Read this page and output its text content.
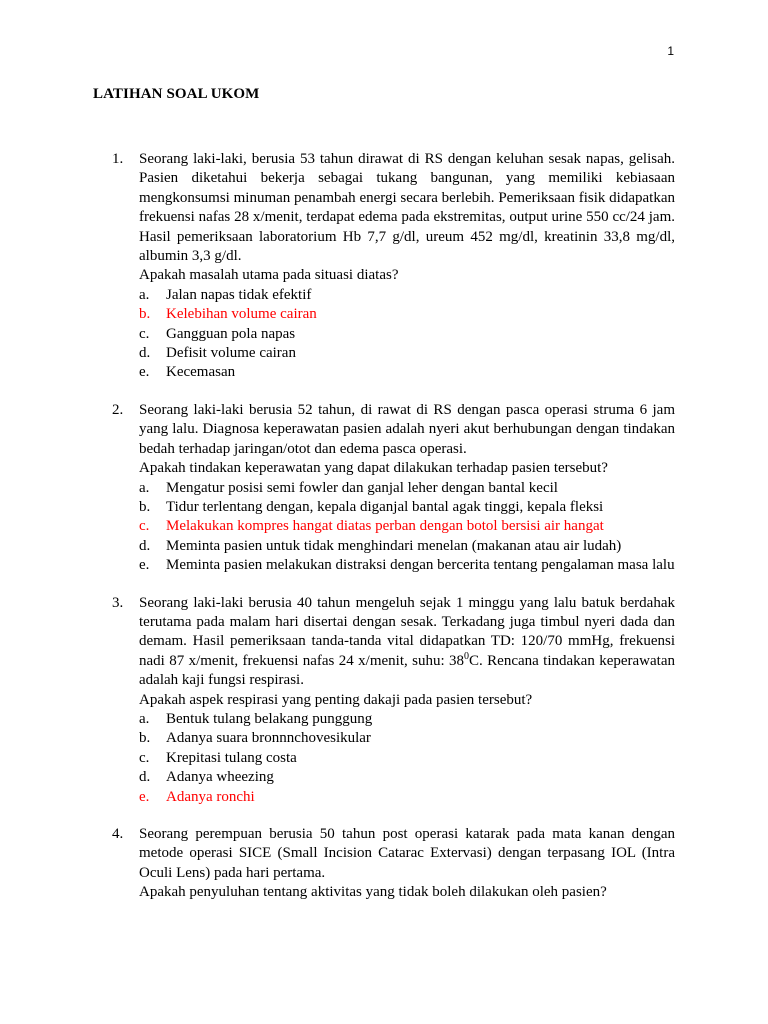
1
LATIHAN SOAL UKOM
1. Seorang laki-laki, berusia 53 tahun dirawat di RS dengan keluhan sesak napas, gelisah. Pasien diketahui bekerja sebagai tukang bangunan, yang memiliki kebiasaan mengkonsumsi minuman penambah energi secara berlebih. Pemeriksaan fisik didapatkan frekuensi nafas 28 x/menit, terdapat edema pada ekstremitas, output urine 550 cc/24 jam. Hasil pemeriksaan laboratorium Hb 7,7 g/dl, ureum 452 mg/dl, kreatinin 33,8 mg/dl, albumin 3,3 g/dl.

Apakah masalah utama pada situasi diatas?

a. Jalan napas tidak efektif
b. Kelebihan volume cairan
c. Gangguan pola napas
d. Defisit volume cairan
e. Kecemasan
2. Seorang laki-laki berusia 52 tahun, di rawat di RS dengan pasca operasi struma 6 jam yang lalu. Diagnosa keperawatan pasien adalah nyeri akut berhubungan dengan tindakan bedah terhadap jaringan/otot dan edema pasca operasi.

Apakah tindakan keperawatan yang dapat dilakukan terhadap pasien tersebut?

a. Mengatur posisi semi fowler dan ganjal leher dengan bantal kecil
b. Tidur terlentang dengan, kepala diganjal bantal agak tinggi, kepala fleksi
c. Melakukan kompres hangat diatas perban dengan botol bersisi air hangat
d. Meminta pasien untuk tidak menghindari menelan (makanan atau air ludah)
e. Meminta pasien melakukan distraksi dengan bercerita tentang pengalaman masa lalu
3. Seorang laki-laki berusia 40 tahun mengeluh sejak 1 minggu yang lalu batuk berdahak terutama pada malam hari disertai dengan sesak. Terkadang juga timbul nyeri dada dan demam. Hasil pemeriksaan tanda-tanda vital didapatkan TD: 120/70 mmHg, frekuensi nadi 87 x/menit, frekuensi nafas 24 x/menit, suhu: $38^0C$. Rencana tindakan keperawatan adalah kaji fungsi respirasi.

Apakah aspek respirasi yang penting dakaji pada pasien tersebut?

a. Bentuk tulang belakang punggung
b. Adanya suara bronnnchovesikular
c. Krepitasi tulang costa
d. Adanya wheezing
e. Adanya ronchi
4. Seorang perempuan berusia 50 tahun post operasi katarak pada mata kanan dengan metode operasi SICE (Small Incision Catarac Extervasi) dengan terpasang IOL (Intra Oculi Lens) pada hari pertama.

Apakah penyuluhan tentang aktivitas yang tidak boleh dilakukan oleh pasien?
